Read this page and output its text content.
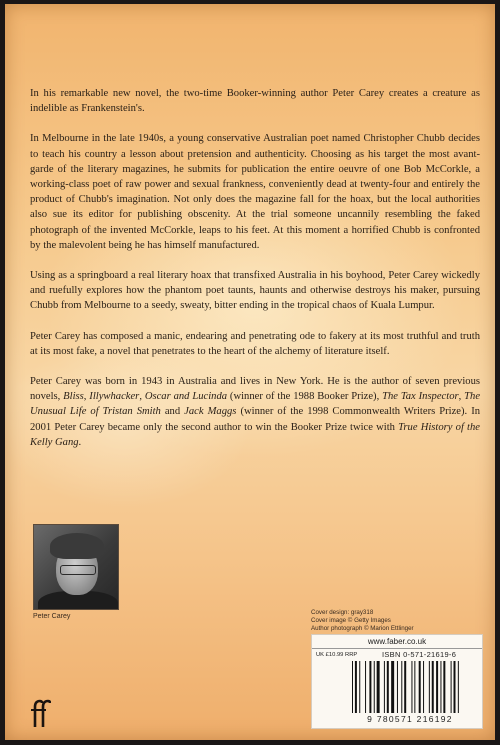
In his remarkable new novel, the two-time Booker-winning author Peter Carey creates a creature as indelible as Frankenstein's.

In Melbourne in the late 1940s, a young conservative Australian poet named Christopher Chubb decides to teach his country a lesson about pretension and authenticity. Choosing as his target the most avant-garde of the literary magazines, he submits for publication the entire oeuvre of one Bob McCorkle, a working-class poet of raw power and sexual frankness, conveniently dead at twenty-four and entirely the product of Chubb's imagination. Not only does the magazine fall for the hoax, but the local authorities also sue its editor for publishing obscenity. At the trial someone uncannily resembling the faked photograph of the invented McCorkle, leaps to his feet. At this moment a horrified Chubb is confronted by the malevolent being he has himself manufactured.

Using as a springboard a real literary hoax that transfixed Australia in his boyhood, Peter Carey wickedly and ruefully explores how the phantom poet taunts, haunts and otherwise destroys his maker, pursuing Chubb from Melbourne to a seedy, sweaty, bitter ending in the tropical chaos of Kuala Lumpur.

Peter Carey has composed a manic, endearing and penetrating ode to fakery at its most truthful and truth at its most fake, a novel that penetrates to the heart of the alchemy of literature itself.

Peter Carey was born in 1943 in Australia and lives in New York. He is the author of seven previous novels, Bliss, Illywhacker, Oscar and Lucinda (winner of the 1988 Booker Prize), The Tax Inspector, The Unusual Life of Tristan Smith and Jack Maggs (winner of the 1998 Commonwealth Writers Prize). In 2001 Peter Carey became only the second author to win the Booker Prize twice with True History of the Kelly Gang.

Peter Carey
Cover design: gray318
Cover image © Getty Images
Author photograph © Marion Ettlinger
www.faber.co.uk
UK £10.99 RRP	ISBN 0-571-21619-6
9 780571 216192
